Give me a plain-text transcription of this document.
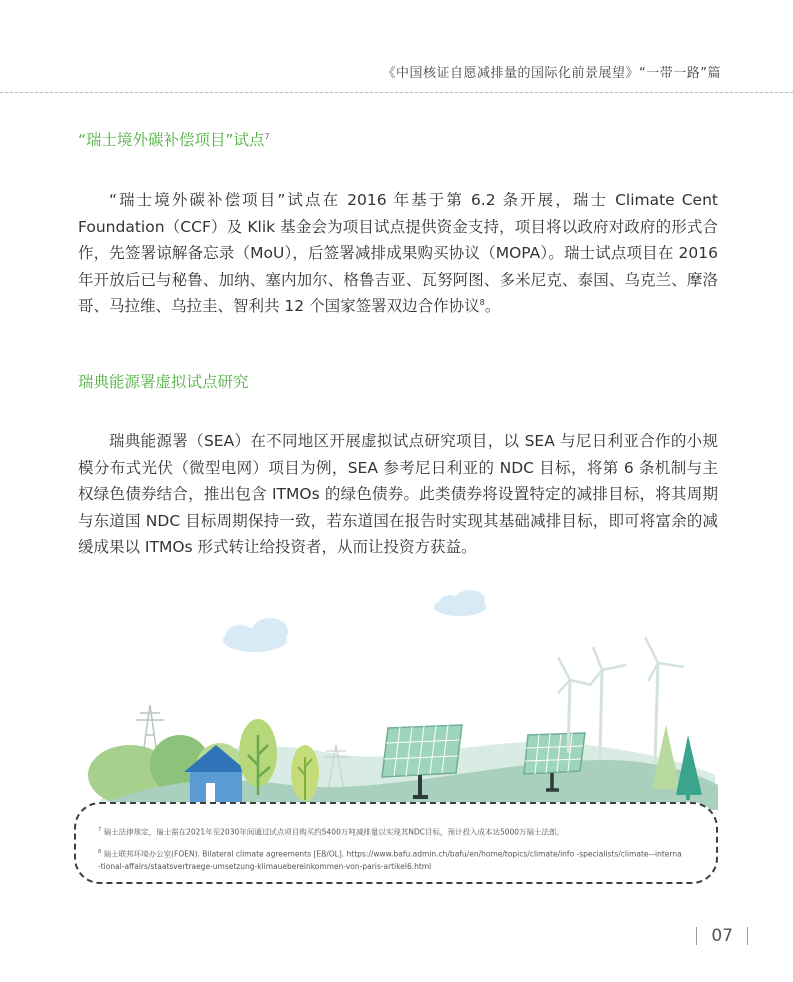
《中国核证自愿减排量的国际化前景展望》“一带一路”篇
“瑞士境外碳补偿项目”试点$^7$
“瑞士境外碳补偿项目”试点在 2016 年基于第 6.2 条开展，瑞士 Climate Cent Foundation（CCF）及 Klik 基金会为项目试点提供资金支持，项目将以政府对政府的形式合作，先签署谅解备忘录（MoU），后签署减排成果购买协议（MOPA）。瑞士试点项目在 2016 年开放后已与秘鲁、加纳、塞内加尔、格鲁吉亚、瓦努阿图、多米尼克、泰国、乌克兰、摩洛哥、马拉维、乌拉圭、智利共 12 个国家签署双边合作协议$^8$。
瑞典能源署虚拟试点研究
瑞典能源署（SEA）在不同地区开展虚拟试点研究项目，以 SEA 与尼日利亚合作的小规模分布式光伏（微型电网）项目为例，SEA 参考尼日利亚的 NDC 目标，将第 6 条机制与主权绿色债券结合，推出包含 ITMOs 的绿色债券。此类债券将设置特定的减排目标，将其周期与东道国 NDC 目标周期保持一致，若东道国在报告时实现其基础减排目标，即可将富余的减缓成果以 ITMOs 形式转让给投资者，从而让投资方获益。
$^7$ 瑞士法律规定，瑞士需在2021年至2030年间通过试点项目购买约5400万吨减排量以实现其NDC目标，预计投入成本达5000万瑞士法郎。
$^8$ 瑞士联邦环境办公室(FOEN). Bilateral climate agreements [EB/OL]. https://www.bafu.admin.ch/bafu/en/home/topics/climate/info -specialists/climate-–interna
-tional-affairs/staatsvertraege-umsetzung-klimauebereinkommen-von-paris-artikel6.html
07
